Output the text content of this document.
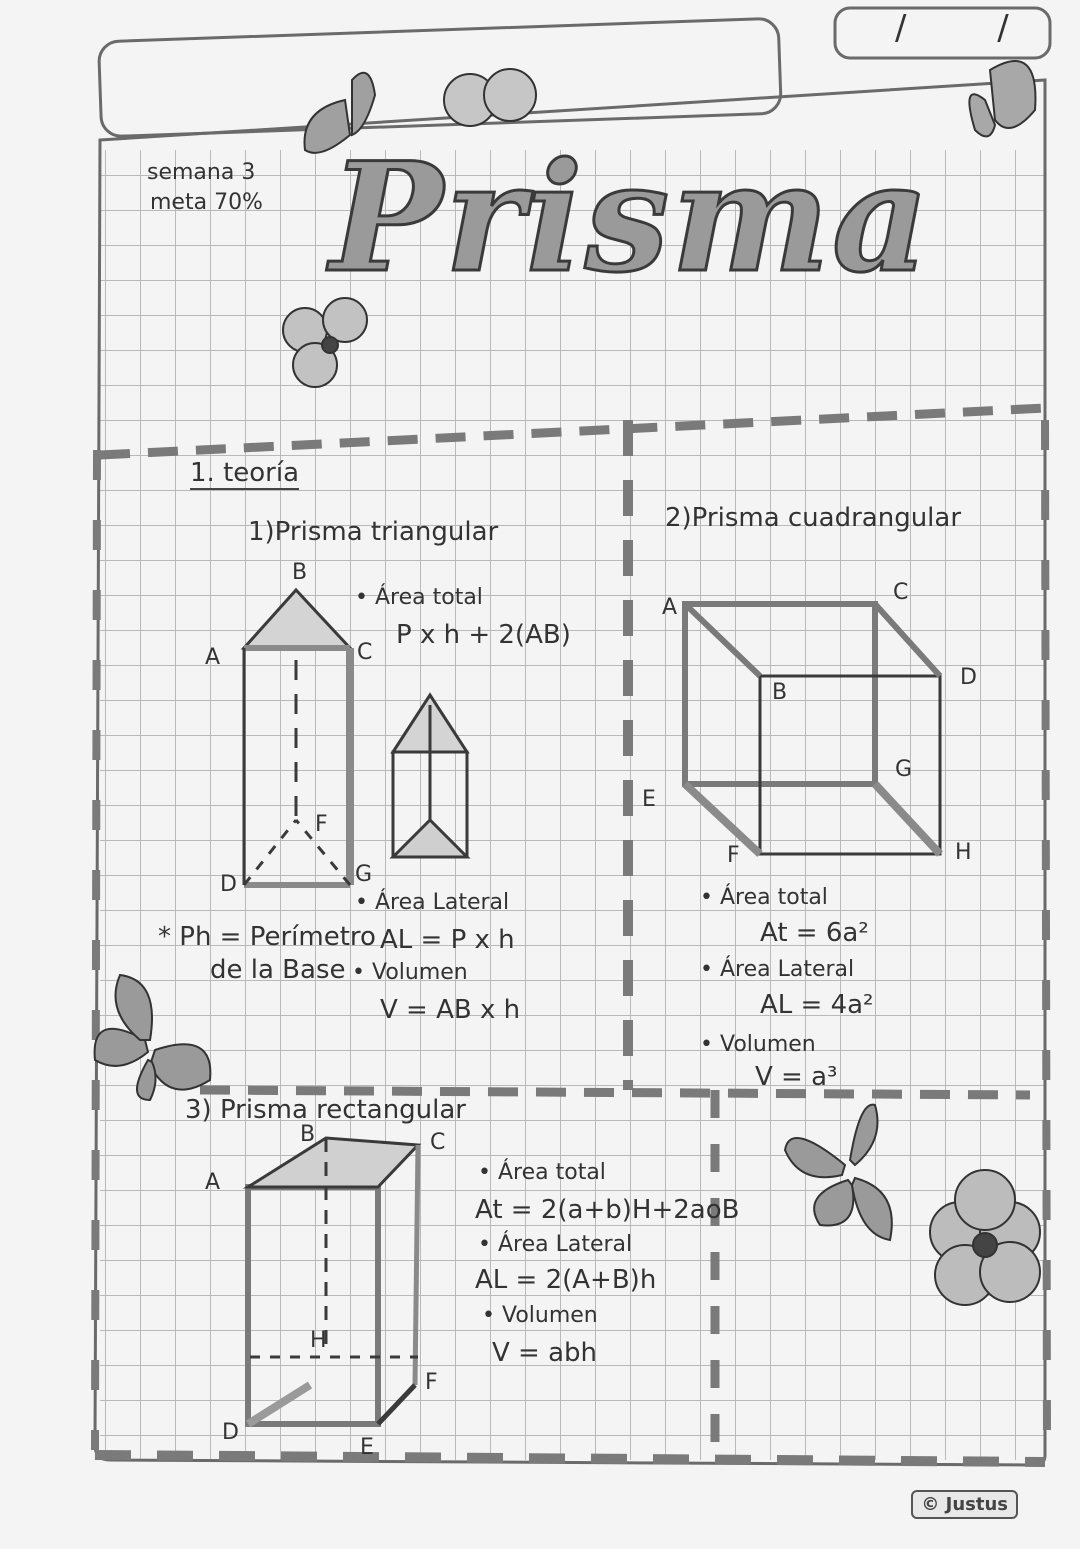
/ /
semana 3
meta 70% Prisma
1. teoría
1)Prisma triangular
B
A	C
F
G
D
• Área total
P x h + 2(AB)
• Área Lateral
AL = P x h
* Ph = Perímetro
de la Base • Volumen
V = AB x h
2)Prisma cuadrangular
A
C
B
D
G
E
F	H
• Área total
At = 6a²
• Área Lateral
AL = 4a²
• Volumen
V = a³
3) Prisma rectangular
B	C
A
H
F
D
E
• Área total
At = 2(a+b)H+2aoB
• Área Lateral
AL = 2(A+B)h
• Volumen
V = abh
© Justus
